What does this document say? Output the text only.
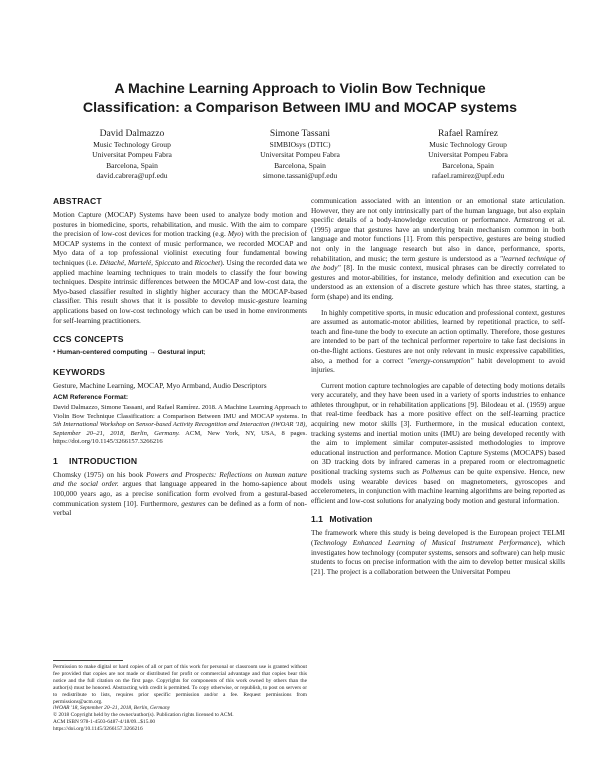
A Machine Learning Approach to Violin Bow Technique
Classification: a Comparison Between IMU and MOCAP systems
David Dalmazzo
Music Technology Group
Universitat Pompeu Fabra
Barcelona, Spain
david.cabrera@upf.edu
Simone Tassani
SIMBIOsys (DTIC)
Universitat Pompeu Fabra
Barcelona, Spain
simone.tassani@upf.edu
Rafael Ramírez
Music Technology Group
Universitat Pompeu Fabra
Barcelona, Spain
rafael.ramirez@upf.edu
ABSTRACT

Motion Capture (MOCAP) Systems have been used to analyze body motion and postures in biomedicine, sports, rehabilitation, and music. With the aim to compare the precision of low-cost devices for motion tracking (e.g. Myo) with the precision of MOCAP systems in the context of music performance, we recorded MOCAP and Myo data of a top professional violinist executing four fundamental bowing techniques (i.e. Détaché, Martelé, Spiccato and Ricochet). Using the recorded data we applied machine learning techniques to train models to classify the four bowing techniques. Despite intrinsic differences between the MOCAP and low-cost data, the Myo-based classifier resulted in slightly higher accuracy than the MOCAP-based classifier. This result shows that it is possible to develop music-gesture learning applications based on low-cost technology which can be used in home environments for self-learning practitioners.

CCS CONCEPTS

• Human-centered computing → Gestural input;

KEYWORDS

Gesture, Machine Learning, MOCAP, Myo Armband, Audio Descriptors

ACM Reference Format:

David Dalmazzo, Simone Tassani, and Rafael Ramírez. 2018. A Machine Learning Approach to Violin Bow Technique Classification: a Comparison Between IMU and MOCAP systems. In 5th International Workshop on Sensor-based Activity Recognition and Interaction (iWOAR '18), September 20–21, 2018, Berlin, Germany. ACM, New York, NY, USA, 8 pages. https://doi.org/10.1145/3266157.3266216

1 INTRODUCTION

Chomsky (1975) on his book Powers and Prospects: Reflections on human nature and the social order. argues that language appeared in the homo-sapience about 100,000 years ago, as a precise sonification form evolved from a gestural-based communication system [10]. Furthermore, gestures can be defined as a form of non-verbal

Permission to make digital or hard copies of all or part of this work for personal or classroom use is granted without fee provided that copies are not made or distributed for profit or commercial advantage and that copies bear this notice and the full citation on the first page. Copyrights for components of this work owned by others than the author(s) must be honored. Abstracting with credit is permitted. To copy otherwise, or republish, to post on servers or to redistribute to lists, requires prior specific permission and/or a fee. Request permissions from permissions@acm.org.
iWOAR '18, September 20–21, 2018, Berlin, Germany
© 2018 Copyright held by the owner/author(s). Publication rights licensed to ACM.
ACM ISBN 978-1-4503-6487-4/18/09...$15.00
https://doi.org/10.1145/3266157.3266216

communication associated with an intention or an emotional state articulation. However, they are not only intrinsically part of the human language, but also explain specific details of a body-knowledge execution or performance. Armstrong et al. (1995) argue that gestures have an underlying brain mechanism common in both language and motor functions [1]. From this perspective, gestures are being studied not only in the language research but also in dance, performance, sports, rehabilitation, and music; the term gesture is understood as a "learned technique of the body" [8]. In the music context, musical phrases can be directly correlated to gestures and motor-abilities, for instance, melody definition and execution can be understood as an extension of a discrete gesture which has three states, starting, a form (shape) and its ending.

In highly competitive sports, in music education and professional context, gestures are assumed as automatic-motor abilities, learned by repetitional practice, to self-teach and fine-tune the body to execute an action optimally. Therefore, those gestures are intended to be part of the technical performer repertoire to take fast decisions in on-the-flight actions. Gestures are not only relevant in music expressive capabilities, also, a method for a correct "energy-consumption" habit development to avoid injuries.

Current motion capture technologies are capable of detecting body motions details very accurately, and they have been used in a variety of sports industries to enhance athletes throughput, or in rehabilitation applications [9]. Bilodeau et al. (1959) argue that real-time feedback has a more positive effect on the self-learning practice acquiring new motor skills [3]. Furthermore, in the musical education context, tracking systems and inertial motion units (IMU) are being developed recently with the aim to implement similar computer-assisted methodologies to improve educational instruction and performance. Motion Capture Systems (MOCAPS) based on 3D tracking dots by infrared cameras in a prepared room or electromagnetic positional tracking systems such as Polhemus can be quite expensive. Hence, new models using wearable devices based on magnetometers, gyroscopes and accelerometers, in conjunction with machine learning algorithms are being reported as efficient and low-cost solutions for analyzing body motion and gestural information.

1.1 Motivation

The framework where this study is being developed is the European project TELMI (Technology Enhanced Learning of Musical Instrument Performance), which investigates how technology (computer systems, sensors and software) can help music students to focus on precise information with the aim to develop better musical skills [21]. The project is a collaboration between the Universitat Pompeu
